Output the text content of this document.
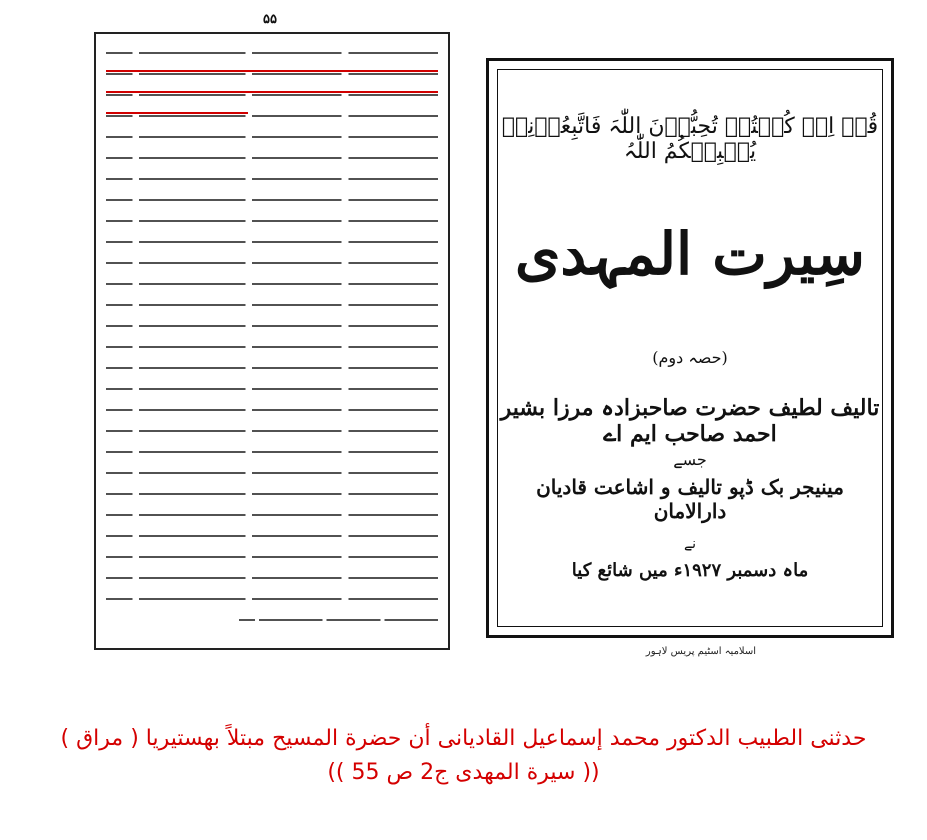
۵۵
قُلۡ اِنۡ کُنۡتُمۡ تُحِبُّوۡنَ اللّٰہَ فَاتَّبِعُوۡنِیۡ یُحۡبِبۡکُمُ اللّٰہُ
سِیرت المہدی
(حصہ دوم)
تالیف لطیف حضرت صاحبزادہ مرزا بشیر احمد صاحب ایم اے
جسے
مینیجر بک ڈپو تالیف و اشاعت قادیان دارالامان
نے
ماہ دسمبر ۱۹۲۷ء میں شائع کیا
اسلامیہ اسٹیم پریس لاہور
حدثنى الطبيب الدكتور محمد إسماعيل القاديانى أن حضرة المسيح مبتلاً بهستيريا ( مراق )
(( سيرة المهدى ج2 ص 55 ))
